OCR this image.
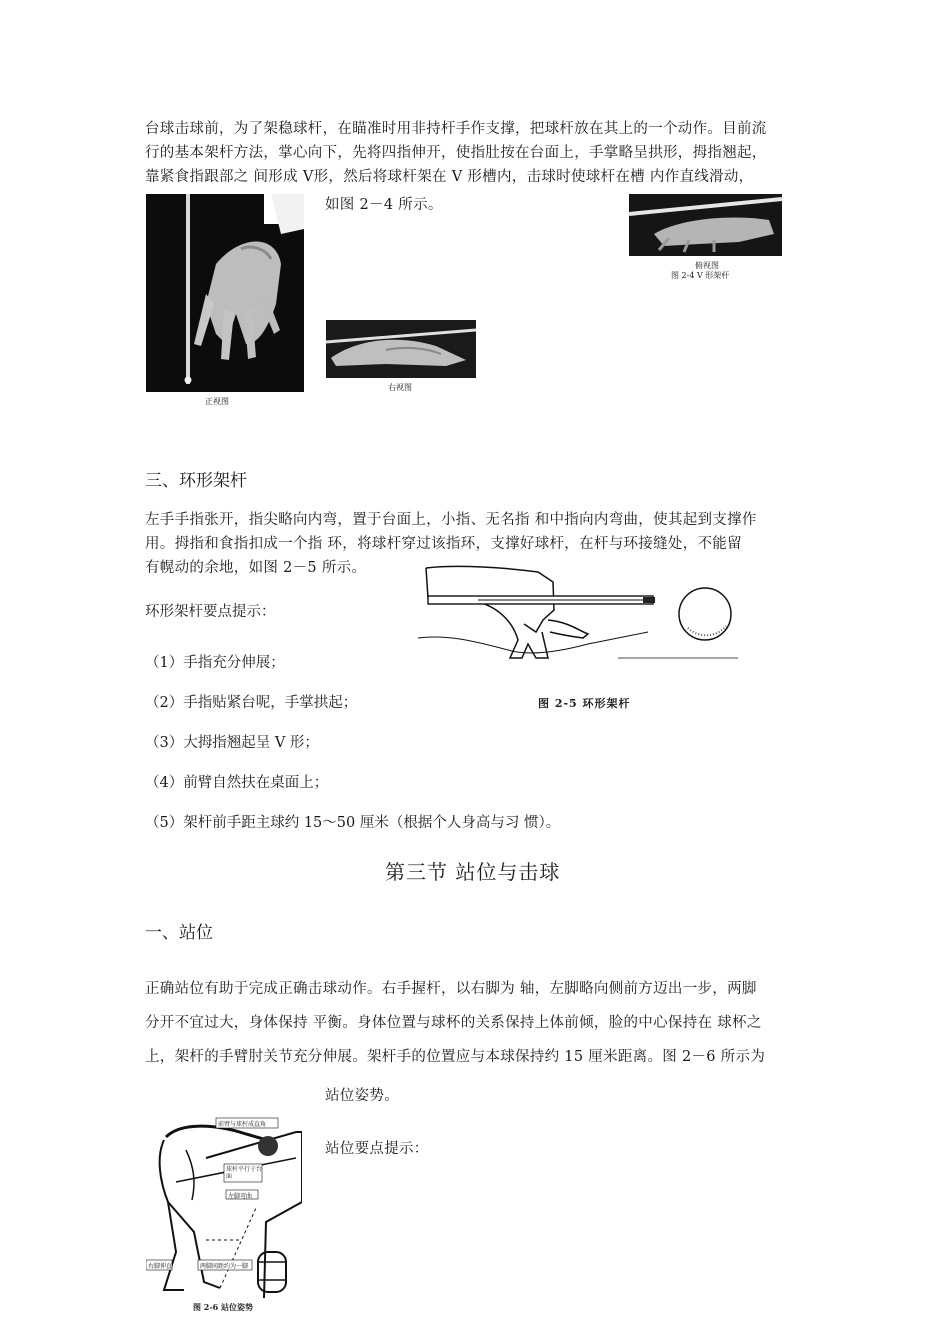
台球击球前，为了架稳球杆，在瞄准时用非持杆手作支撑，把球杆放在其上的一个动作。目前流

行的基本架杆方法，掌心向下，先将四指伸开，使指肚按在台面上，手掌略呈拱形，拇指翘起，

靠紧食指跟部之 间形成 V形，然后将球杆架在 V 形槽内，击球时使球杆在槽 内作直线滑动，

如图 2－4 所示。
正视图
右视图
俯视图
图 2-4 V 形架杆
三、环形架杆

左手手指张开，指尖略向内弯，置于台面上，小指、无名指 和中指向内弯曲，使其起到支撑作

用。拇指和食指扣成一个指 环，将球杆穿过该指环，支撑好球杆，在杆与环接缝处，不能留

有幌动的余地，如图 2－5 所示。

环形架杆要点提示：
（1）手指充分伸展；
（2）手指贴紧台呢，手掌拱起；
（3）大拇指翘起呈 V 形；
（4）前臂自然扶在桌面上；
（5）架杆前手距主球约 15～50 厘米（根据个人身高与习 惯）。
图 2-5 环形架杆
第三节 站位与击球
一、站位

正确站位有助于完成正确击球动作。右手握杆，以右脚为 轴，左脚略向侧前方迈出一步，两脚

分开不宜过大，身体保持 平衡。身体位置与球杯的关系保持上体前倾，脸的中心保持在 球杯之

上，架杆的手臂肘关节充分伸展。架杆手的位置应与本球保持约 15 厘米距离。图 2－6 所示为

站位姿势。
站位要点提示：
前臂与球杆成直角
球杆平行于台面
左脚弯曲
两脚间距约为一脚
右脚伸直
图 2-6 站位姿势
